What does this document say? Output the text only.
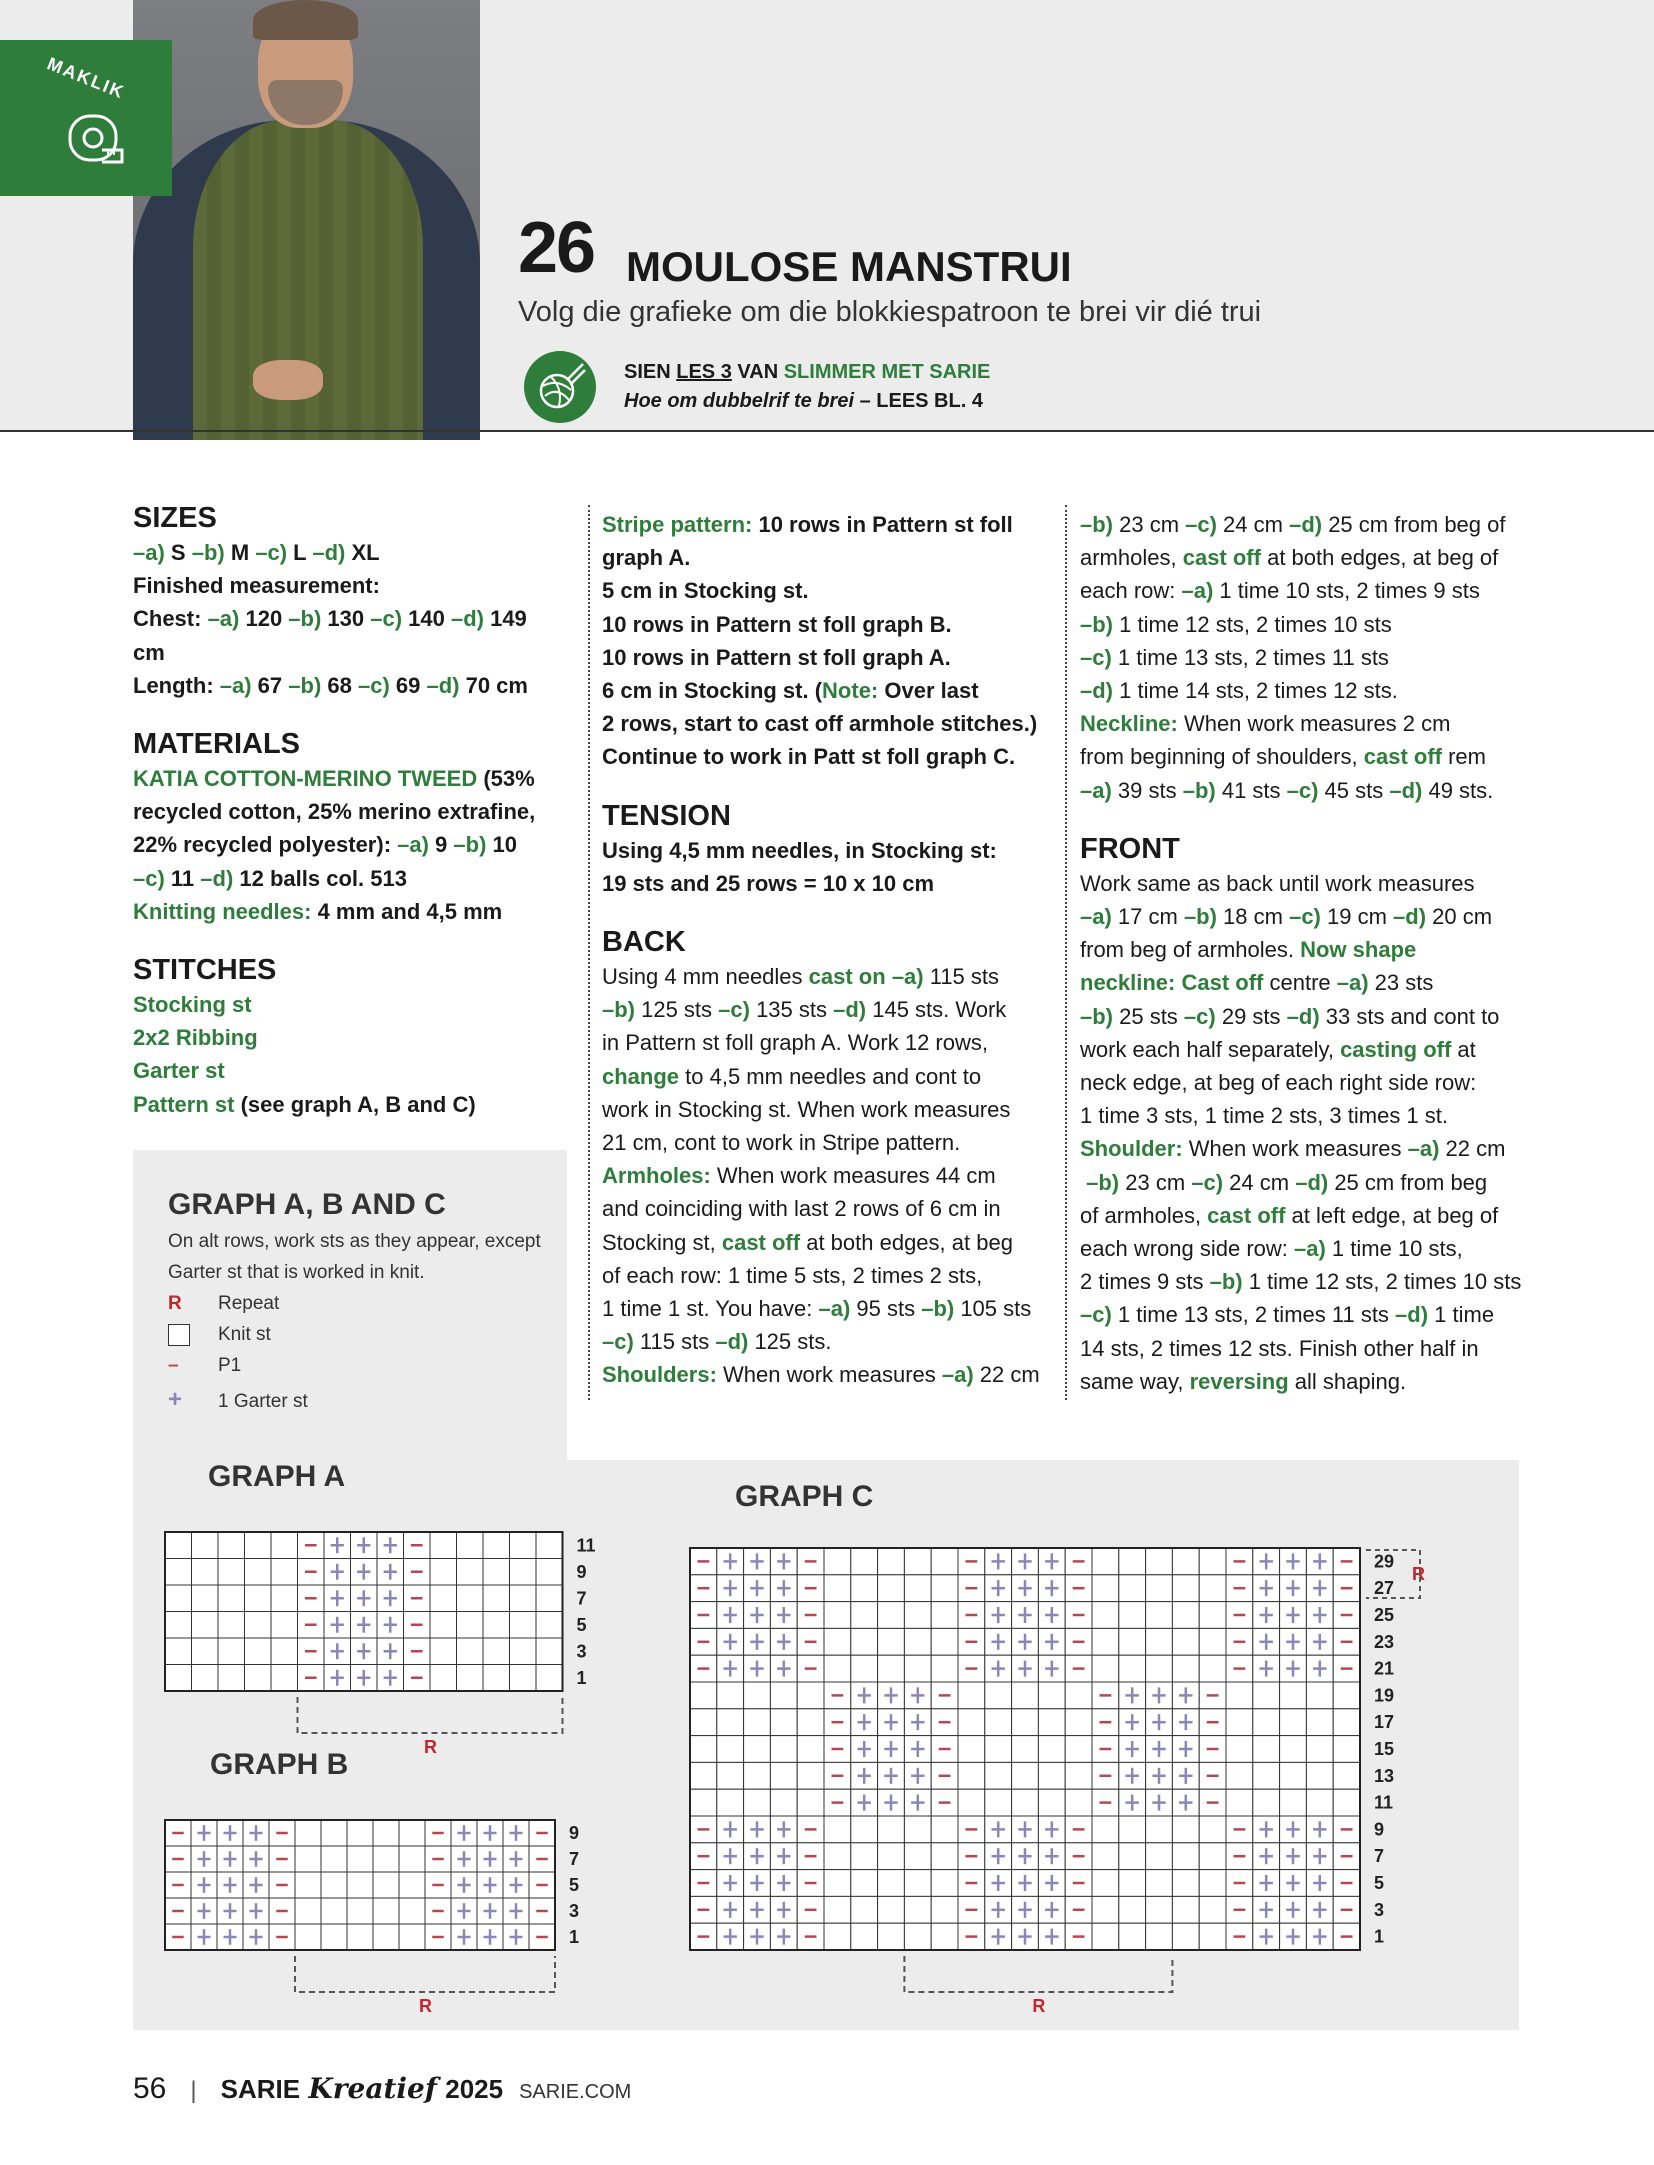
MAKLIK
26 MOULOSE MANSTRUI
Volg die grafieke om die blokkiespatroon te brei vir dié trui
SIEN LES 3 VAN SLIMMER MET SARIE
Hoe om dubbelrif te brei – LEES BL. 4
SIZES

–a) S –b) M –c) L –d) XL

Finished measurement:

Chest: –a) 120 –b) 130 –c) 140 –d) 149 cm

Length: –a) 67 –b) 68 –c) 69 –d) 70 cm

MATERIALS

KATIA COTTON-MERINO TWEED (53%
recycled cotton, 25% merino extrafine,
22% recycled polyester): –a) 9 –b) 10
–c) 11 –d) 12 balls col. 513

Knitting needles: 4 mm and 4,5 mm

STITCHES

Stocking st

2x2 Ribbing

Garter st

Pattern st (see graph A, B and C)

Stripe pattern: 10 rows in Pattern st foll
graph A.
5 cm in Stocking st.
10 rows in Pattern st foll graph B.
10 rows in Pattern st foll graph A.
6 cm in Stocking st. (Note: Over last
2 rows, start to cast off armhole stitches.)
Continue to work in Patt st foll graph C.

TENSION

Using 4,5 mm needles, in Stocking st:
19 sts and 25 rows = 10 x 10 cm

BACK

Using 4 mm needles cast on –a) 115 sts
–b) 125 sts –c) 135 sts –d) 145 sts. Work
in Pattern st foll graph A. Work 12 rows,
change to 4,5 mm needles and cont to
work in Stocking st. When work measures
21 cm, cont to work in Stripe pattern.
Armholes: When work measures 44 cm
and coinciding with last 2 rows of 6 cm in
Stocking st, cast off at both edges, at beg
of each row: 1 time 5 sts, 2 times 2 sts,
1 time 1 st. You have: –a) 95 sts –b) 105 sts
–c) 115 sts –d) 125 sts.
Shoulders: When work measures –a) 22 cm

–b) 23 cm –c) 24 cm –d) 25 cm from beg of
armholes, cast off at both edges, at beg of
each row: –a) 1 time 10 sts, 2 times 9 sts
–b) 1 time 12 sts, 2 times 10 sts
–c) 1 time 13 sts, 2 times 11 sts
–d) 1 time 14 sts, 2 times 12 sts.
Neckline: When work measures 2 cm
from beginning of shoulders, cast off rem
–a) 39 sts –b) 41 sts –c) 45 sts –d) 49 sts.

FRONT

Work same as back until work measures
–a) 17 cm –b) 18 cm –c) 19 cm –d) 20 cm
from beg of armholes. Now shape
neckline: Cast off centre –a) 23 sts
–b) 25 sts –c) 29 sts –d) 33 sts and cont to
work each half separately, casting off at
neck edge, at beg of each right side row:
1 time 3 sts, 1 time 2 sts, 3 times 1 st.
Shoulder: When work measures –a) 22 cm
–b) 23 cm –c) 24 cm –d) 25 cm from beg
of armholes, cast off at left edge, at beg of
each wrong side row: –a) 1 time 10 sts,
2 times 9 sts –b) 1 time 12 sts, 2 times 10 sts
–c) 1 time 13 sts, 2 times 11 sts –d) 1 time
14 sts, 2 times 12 sts. Finish other half in
same way, reversing all shaping.

GRAPH A, B AND C
On alt rows, work sts as they appear, except Garter st that is worked in knit.
R Repeat
Knit st
– P1
+ 1 Garter st
GRAPH A
GRAPH B
GRAPH C
11
9
7
5
3
1
R
9
7
5
3
1
R
29
27
25
23
21
19
17
15
13
11
9
7
5
3
1
R
R
56 | SARIE Kreatief 2025 SARIE.COM
